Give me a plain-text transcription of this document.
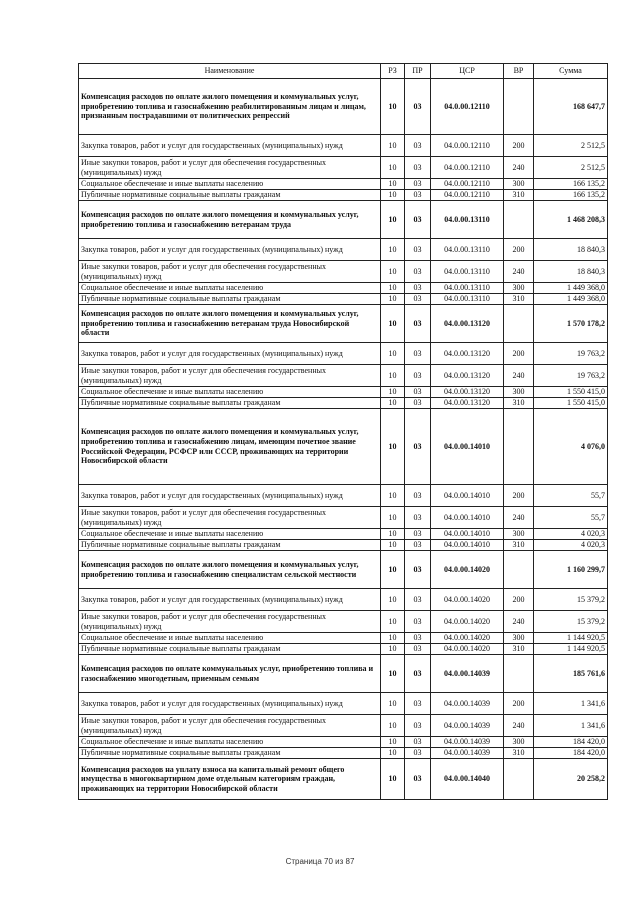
Наименование	РЗ	ПР	ЦСР	ВР	Сумма
Компенсация расходов по оплате жилого помещения и коммунальных услуг, приобретению топлива и газоснабжению реабилитированным лицам и лицам, признанным пострадавшими от политических репрессий	10	03	04.0.00.12110		168 647,7
Закупка товаров, работ и услуг для государственных (муниципальных) нужд	10	03	04.0.00.12110	200	2 512,5
Иные закупки товаров, работ и услуг для обеспечения государственных (муниципальных) нужд	10	03	04.0.00.12110	240	2 512,5
Социальное обеспечение и иные выплаты населению	10	03	04.0.00.12110	300	166 135,2
Публичные нормативные социальные выплаты гражданам	10	03	04.0.00.12110	310	166 135,2
Компенсация расходов по оплате жилого помещения и коммунальных услуг, приобретению топлива и газоснабжению ветеранам труда	10	03	04.0.00.13110		1 468 208,3
Закупка товаров, работ и услуг для государственных (муниципальных) нужд	10	03	04.0.00.13110	200	18 840,3
Иные закупки товаров, работ и услуг для обеспечения государственных (муниципальных) нужд	10	03	04.0.00.13110	240	18 840,3
Социальное обеспечение и иные выплаты населению	10	03	04.0.00.13110	300	1 449 368,0
Публичные нормативные социальные выплаты гражданам	10	03	04.0.00.13110	310	1 449 368,0
Компенсация расходов по оплате жилого помещения и коммунальных услуг, приобретению топлива и газоснабжению ветеранам труда Новосибирской области	10	03	04.0.00.13120		1 570 178,2
Закупка товаров, работ и услуг для государственных (муниципальных) нужд	10	03	04.0.00.13120	200	19 763,2
Иные закупки товаров, работ и услуг для обеспечения государственных (муниципальных) нужд	10	03	04.0.00.13120	240	19 763,2
Социальное обеспечение и иные выплаты населению	10	03	04.0.00.13120	300	1 550 415,0
Публичные нормативные социальные выплаты гражданам	10	03	04.0.00.13120	310	1 550 415,0
Компенсация расходов по оплате жилого помещения и коммунальных услуг, приобретению топлива и газоснабжению лицам, имеющим почетное звание Российской Федерации, РСФСР или СССР, проживающих на территории Новосибирской области	10	03	04.0.00.14010		4 076,0
Закупка товаров, работ и услуг для государственных (муниципальных) нужд	10	03	04.0.00.14010	200	55,7
Иные закупки товаров, работ и услуг для обеспечения государственных (муниципальных) нужд	10	03	04.0.00.14010	240	55,7
Социальное обеспечение и иные выплаты населению	10	03	04.0.00.14010	300	4 020,3
Публичные нормативные социальные выплаты гражданам	10	03	04.0.00.14010	310	4 020,3
Компенсация расходов по оплате жилого помещения и коммунальных услуг, приобретению топлива и газоснабжению специалистам сельской местности	10	03	04.0.00.14020		1 160 299,7
Закупка товаров, работ и услуг для государственных (муниципальных) нужд	10	03	04.0.00.14020	200	15 379,2
Иные закупки товаров, работ и услуг для обеспечения государственных (муниципальных) нужд	10	03	04.0.00.14020	240	15 379,2
Социальное обеспечение и иные выплаты населению	10	03	04.0.00.14020	300	1 144 920,5
Публичные нормативные социальные выплаты гражданам	10	03	04.0.00.14020	310	1 144 920,5
Компенсация расходов по оплате коммунальных услуг, приобретению топлива и газоснабжению многодетным, приемным семьям	10	03	04.0.00.14039		185 761,6
Закупка товаров, работ и услуг для государственных (муниципальных) нужд	10	03	04.0.00.14039	200	1 341,6
Иные закупки товаров, работ и услуг для обеспечения государственных (муниципальных) нужд	10	03	04.0.00.14039	240	1 341,6
Социальное обеспечение и иные выплаты населению	10	03	04.0.00.14039	300	184 420,0
Публичные нормативные социальные выплаты гражданам	10	03	04.0.00.14039	310	184 420,0
Компенсация расходов на уплату взноса на капитальный ремонт общего имущества в многоквартирном доме отдельным категориям граждан, проживающих на территории Новосибирской области	10	03	04.0.00.14040		20 258,2
Страница 70 из 87
